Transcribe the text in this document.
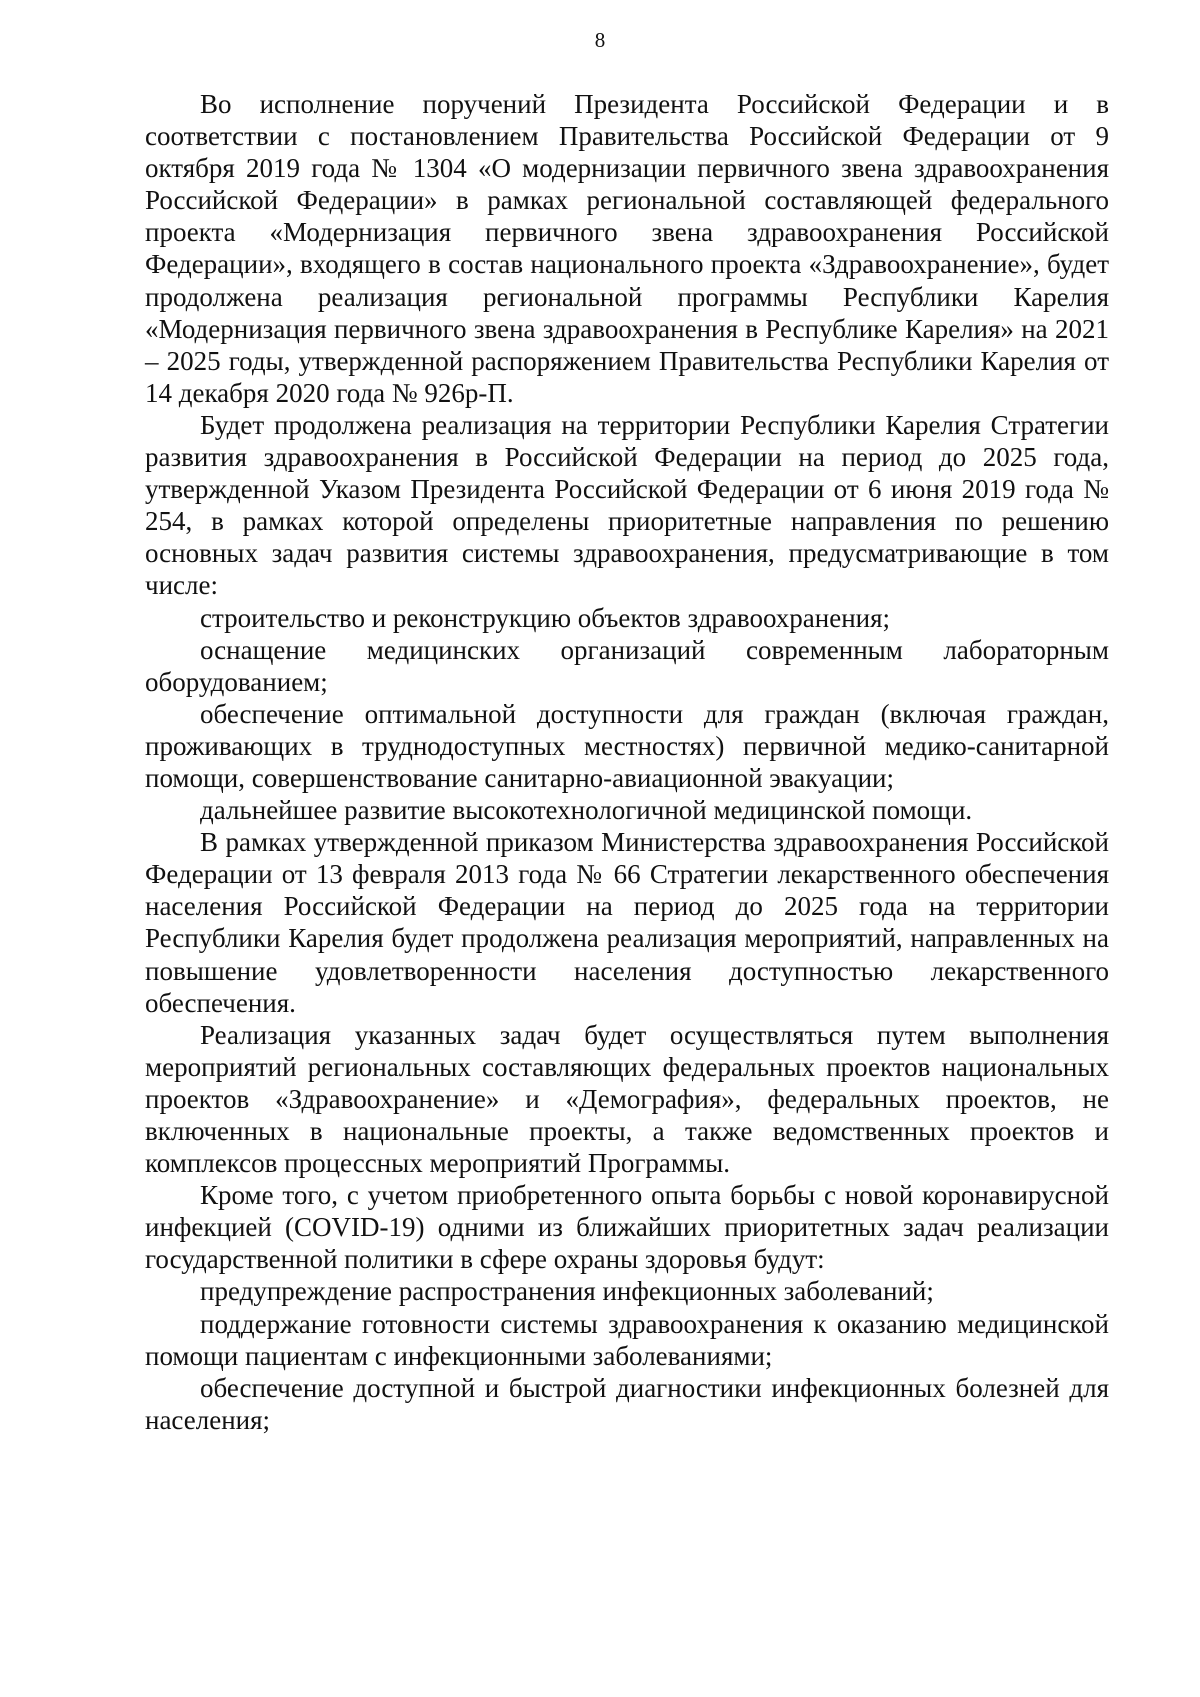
8

Во исполнение поручений Президента Российской Федерации и в соответствии с постановлением Правительства Российской Федерации от 9 октября 2019 года № 1304 «О модернизации первичного звена здравоохранения Российской Федерации» в рамках региональной составляющей федерального проекта «Модернизация первичного звена здравоохранения Российской Федерации», входящего в состав национального проекта «Здравоохранение», будет продолжена реализация региональной программы Республики Карелия «Модернизация первичного звена здравоохранения в Республике Карелия» на 2021 – 2025 годы, утвержденной распоряжением Правительства Республики Карелия от 14 декабря 2020 года № 926р-П.

Будет продолжена реализация на территории Республики Карелия Стратегии развития здравоохранения в Российской Федерации на период до 2025 года, утвержденной Указом Президента Российской Федерации от 6 июня 2019 года № 254, в рамках которой определены приоритетные направления по решению основных задач развития системы здравоохранения, предусматривающие в том числе:

строительство и реконструкцию объектов здравоохранения;

оснащение медицинских организаций современным лабораторным оборудованием;

обеспечение оптимальной доступности для граждан (включая граждан, проживающих в труднодоступных местностях) первичной медико-санитарной помощи, совершенствование санитарно-авиационной эвакуации;

дальнейшее развитие высокотехнологичной медицинской помощи.

В рамках утвержденной приказом Министерства здравоохранения Российской Федерации от 13 февраля 2013 года № 66 Стратегии лекарственного обеспечения населения Российской Федерации на период до 2025 года на территории Республики Карелия будет продолжена реализация мероприятий, направленных на повышение удовлетворенности населения доступностью лекарственного обеспечения.

Реализация указанных задач будет осуществляться путем выполнения мероприятий региональных составляющих федеральных проектов национальных проектов «Здравоохранение» и «Демография», федеральных проектов, не включенных в национальные проекты, а также ведомственных проектов и комплексов процессных мероприятий Программы.

Кроме того, с учетом приобретенного опыта борьбы с новой коронавирусной инфекцией (COVID-19) одними из ближайших приоритетных задач реализации государственной политики в сфере охраны здоровья будут:

предупреждение распространения инфекционных заболеваний;

поддержание готовности системы здравоохранения к оказанию медицинской помощи пациентам с инфекционными заболеваниями;

обеспечение доступной и быстрой диагностики инфекционных болезней для населения;
